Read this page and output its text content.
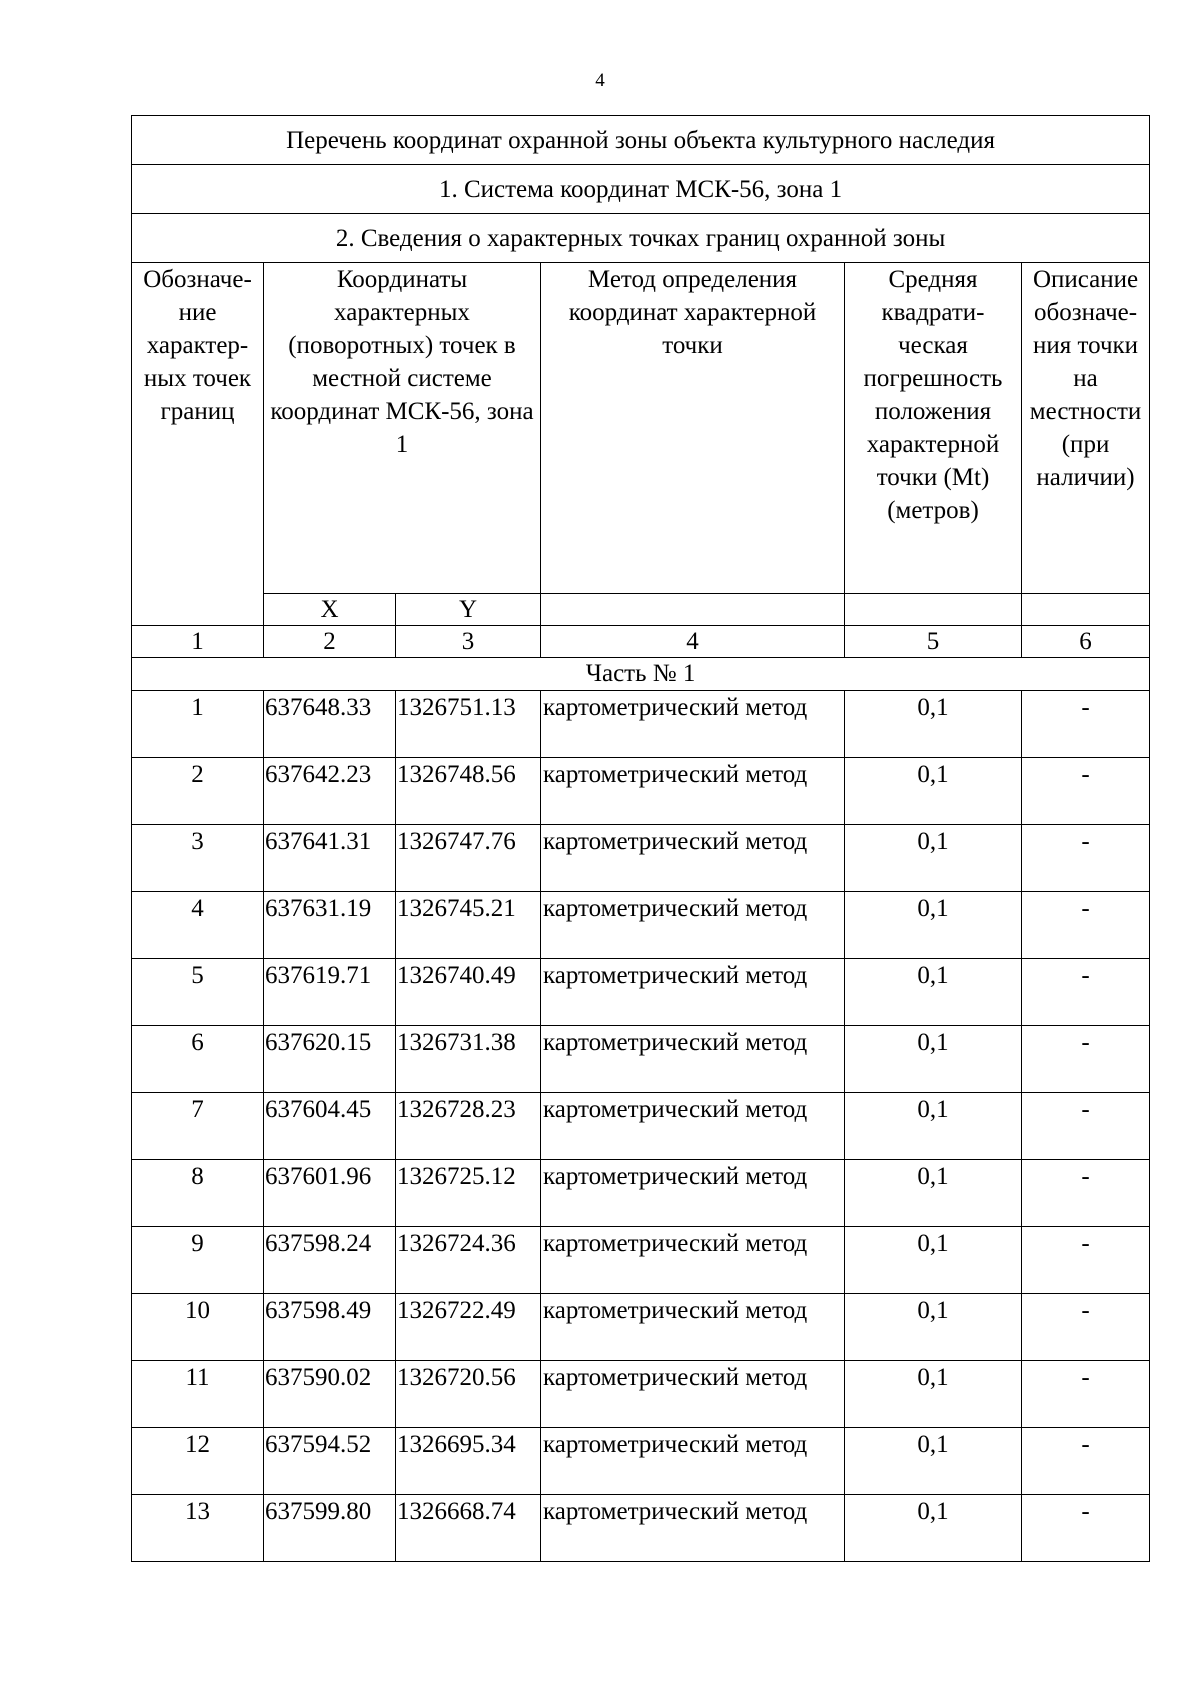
4
Перечень координат охранной зоны объекта культурного наследия					
1. Система координат МСК-56, зона 1					
2. Сведения о характерных точках границ охранной зоны					
Обозначе-ние характер-ных точек границ	Координаты характерных (поворотных) точек в местной системе координат МСК-56, зона 1		Метод определения координат характерной точки	Средняя квадрати-ческая погрешность положения характерной точки (Mt) (метров)	Описание обозначе-ния точки на местности (при наличии)
	X	Y			
1	2	3	4	5	6
Часть № 1					
1	637648.33	1326751.13	картометрический метод	0,1	-
2	637642.23	1326748.56	картометрический метод	0,1	-
3	637641.31	1326747.76	картометрический метод	0,1	-
4	637631.19	1326745.21	картометрический метод	0,1	-
5	637619.71	1326740.49	картометрический метод	0,1	-
6	637620.15	1326731.38	картометрический метод	0,1	-
7	637604.45	1326728.23	картометрический метод	0,1	-
8	637601.96	1326725.12	картометрический метод	0,1	-
9	637598.24	1326724.36	картометрический метод	0,1	-
10	637598.49	1326722.49	картометрический метод	0,1	-
11	637590.02	1326720.56	картометрический метод	0,1	-
12	637594.52	1326695.34	картометрический метод	0,1	-
13	637599.80	1326668.74	картометрический метод	0,1	-
